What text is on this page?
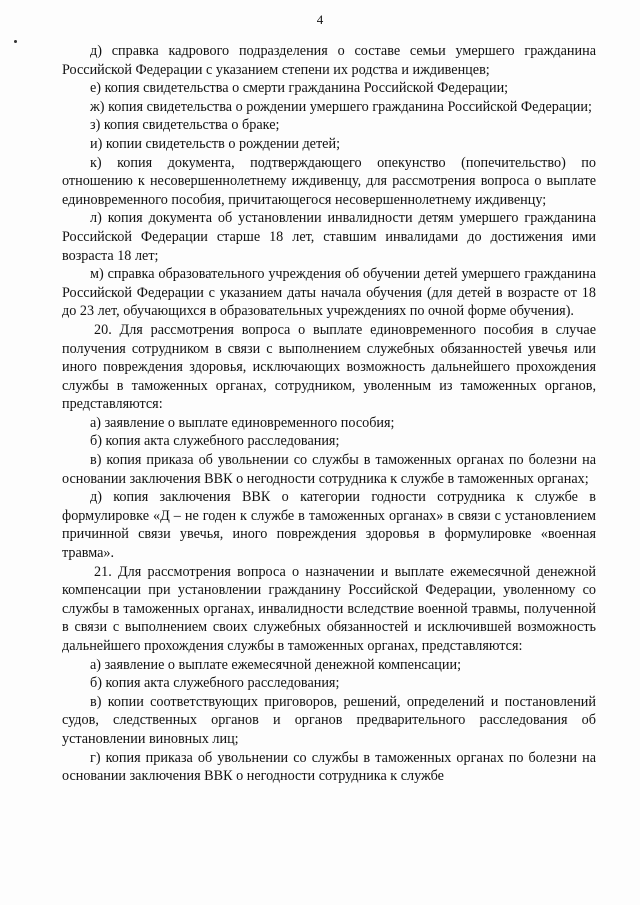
4

д) справка кадрового подразделения о составе семьи умершего гражданина Российской Федерации с указанием степени их родства и иждивенцев;

е) копия свидетельства о смерти гражданина Российской Федерации;

ж) копия свидетельства о рождении умершего гражданина Российской Федерации;

з) копия свидетельства о браке;

и) копии свидетельств о рождении детей;

к) копия документа, подтверждающего опекунство (попечительство) по отношению к несовершеннолетнему иждивенцу, для рассмотрения вопроса о выплате единовременного пособия, причитающегося несовершеннолетнему иждивенцу;

л) копия документа об установлении инвалидности детям умершего гражданина Российской Федерации старше 18 лет, ставшим инвалидами до достижения ими возраста 18 лет;

м) справка образовательного учреждения об обучении детей умершего гражданина Российской Федерации с указанием даты начала обучения (для детей в возрасте от 18 до 23 лет, обучающихся в образовательных учреждениях по очной форме обучения).

20. Для рассмотрения вопроса о выплате единовременного пособия в случае получения сотрудником в связи с выполнением служебных обязанностей увечья или иного повреждения здоровья, исключающих возможность дальнейшего прохождения службы в таможенных органах, сотрудником, уволенным из таможенных органов, представляются:

а) заявление о выплате единовременного пособия;

б) копия акта служебного расследования;

в) копия приказа об увольнении со службы в таможенных органах по болезни на основании заключения ВВК о негодности сотрудника к службе в таможенных органах;

д) копия заключения ВВК о категории годности сотрудника к службе в формулировке «Д – не годен к службе в таможенных органах» в связи с установлением причинной связи увечья, иного повреждения здоровья в формулировке «военная травма».

21. Для рассмотрения вопроса о назначении и выплате ежемесячной денежной компенсации при установлении гражданину Российской Федерации, уволенному со службы в таможенных органах, инвалидности вследствие военной травмы, полученной в связи с выполнением своих служебных обязанностей и исключившей возможность дальнейшего прохождения службы в таможенных органах, представляются:

а) заявление о выплате ежемесячной денежной компенсации;

б) копия акта служебного расследования;

в) копии соответствующих приговоров, решений, определений и постановлений судов, следственных органов и органов предварительного расследования об установлении виновных лиц;

г) копия приказа об увольнении со службы в таможенных органах по болезни на основании заключения ВВК о негодности сотрудника к службе
